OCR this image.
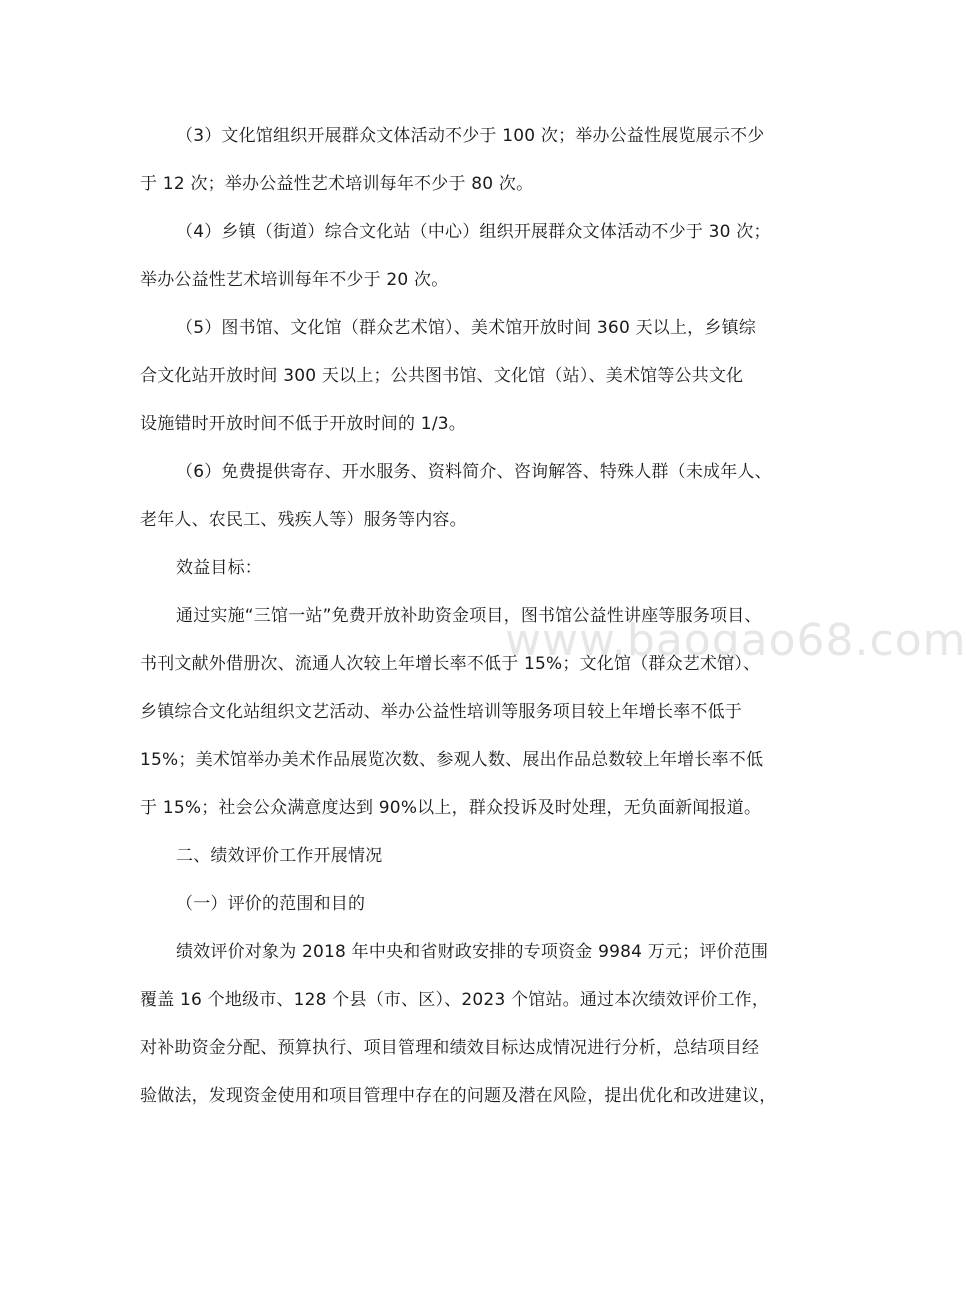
www.baogao68.com
（3）文化馆组织开展群众文体活动不少于 100 次；举办公益性展览展示不少
于 12 次；举办公益性艺术培训每年不少于 80 次。
（4）乡镇（街道）综合文化站（中心）组织开展群众文体活动不少于 30 次；
举办公益性艺术培训每年不少于 20 次。
（5）图书馆、文化馆（群众艺术馆）、美术馆开放时间 360 天以上，乡镇综
合文化站开放时间 300 天以上；公共图书馆、文化馆（站）、美术馆等公共文化
设施错时开放时间不低于开放时间的 1/3。
（6）免费提供寄存、开水服务、资料简介、咨询解答、特殊人群（未成年人、
老年人、农民工、残疾人等）服务等内容。
效益目标：
通过实施“三馆一站”免费开放补助资金项目，图书馆公益性讲座等服务项目、
书刊文献外借册次、流通人次较上年增长率不低于 15%；文化馆（群众艺术馆）、
乡镇综合文化站组织文艺活动、举办公益性培训等服务项目较上年增长率不低于
15%；美术馆举办美术作品展览次数、参观人数、展出作品总数较上年增长率不低
于 15%；社会公众满意度达到 90%以上，群众投诉及时处理，无负面新闻报道。
二、绩效评价工作开展情况
（一）评价的范围和目的
绩效评价对象为 2018 年中央和省财政安排的专项资金 9984 万元；评价范围
覆盖 16 个地级市、128 个县（市、区）、2023 个馆站。通过本次绩效评价工作，
对补助资金分配、预算执行、项目管理和绩效目标达成情况进行分析，总结项目经
验做法，发现资金使用和项目管理中存在的问题及潜在风险，提出优化和改进建议，
